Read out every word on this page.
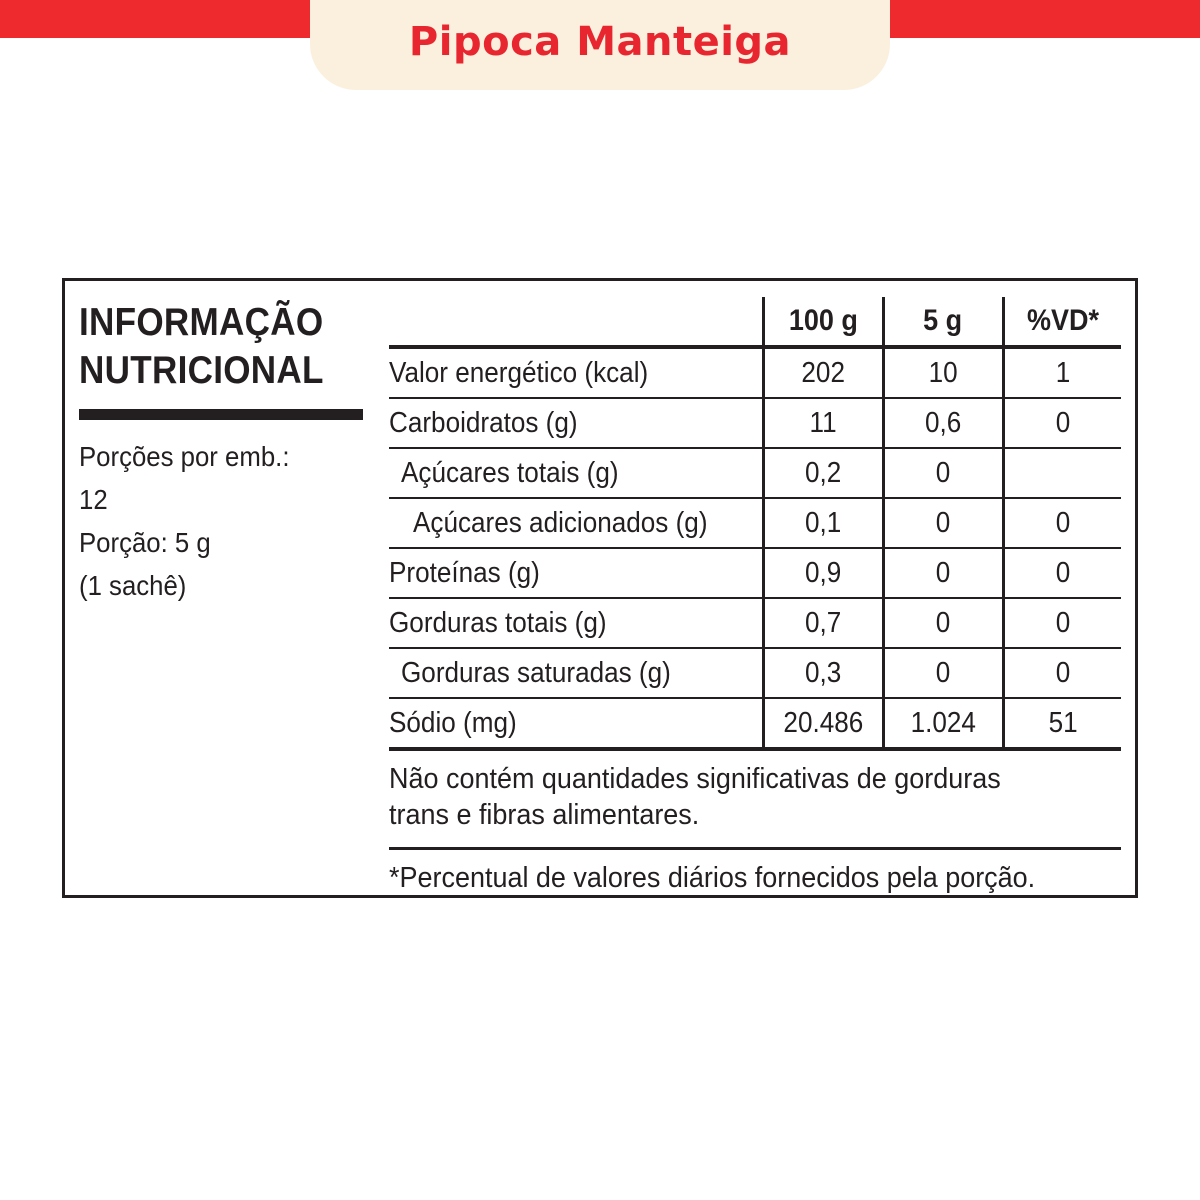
Pipoca Manteiga
INFORMAÇÃO
NUTRICIONAL
Porções por emb.:
12
Porção: 5 g
(1 sachê)
	100 g	5 g	%VD*
Valor energético (kcal)	202	10	1
Carboidratos (g)	11	0,6	0
Açúcares totais (g)	0,2	0	
Açúcares adicionados (g)	0,1	0	0
Proteínas (g)	0,9	0	0
Gorduras totais (g)	0,7	0	0
Gorduras saturadas (g)	0,3	0	0
Sódio (mg)	20.486	1.024	51
Não contém quantidades significativas de gorduras
trans e fibras alimentares.
*Percentual de valores diários fornecidos pela porção.
